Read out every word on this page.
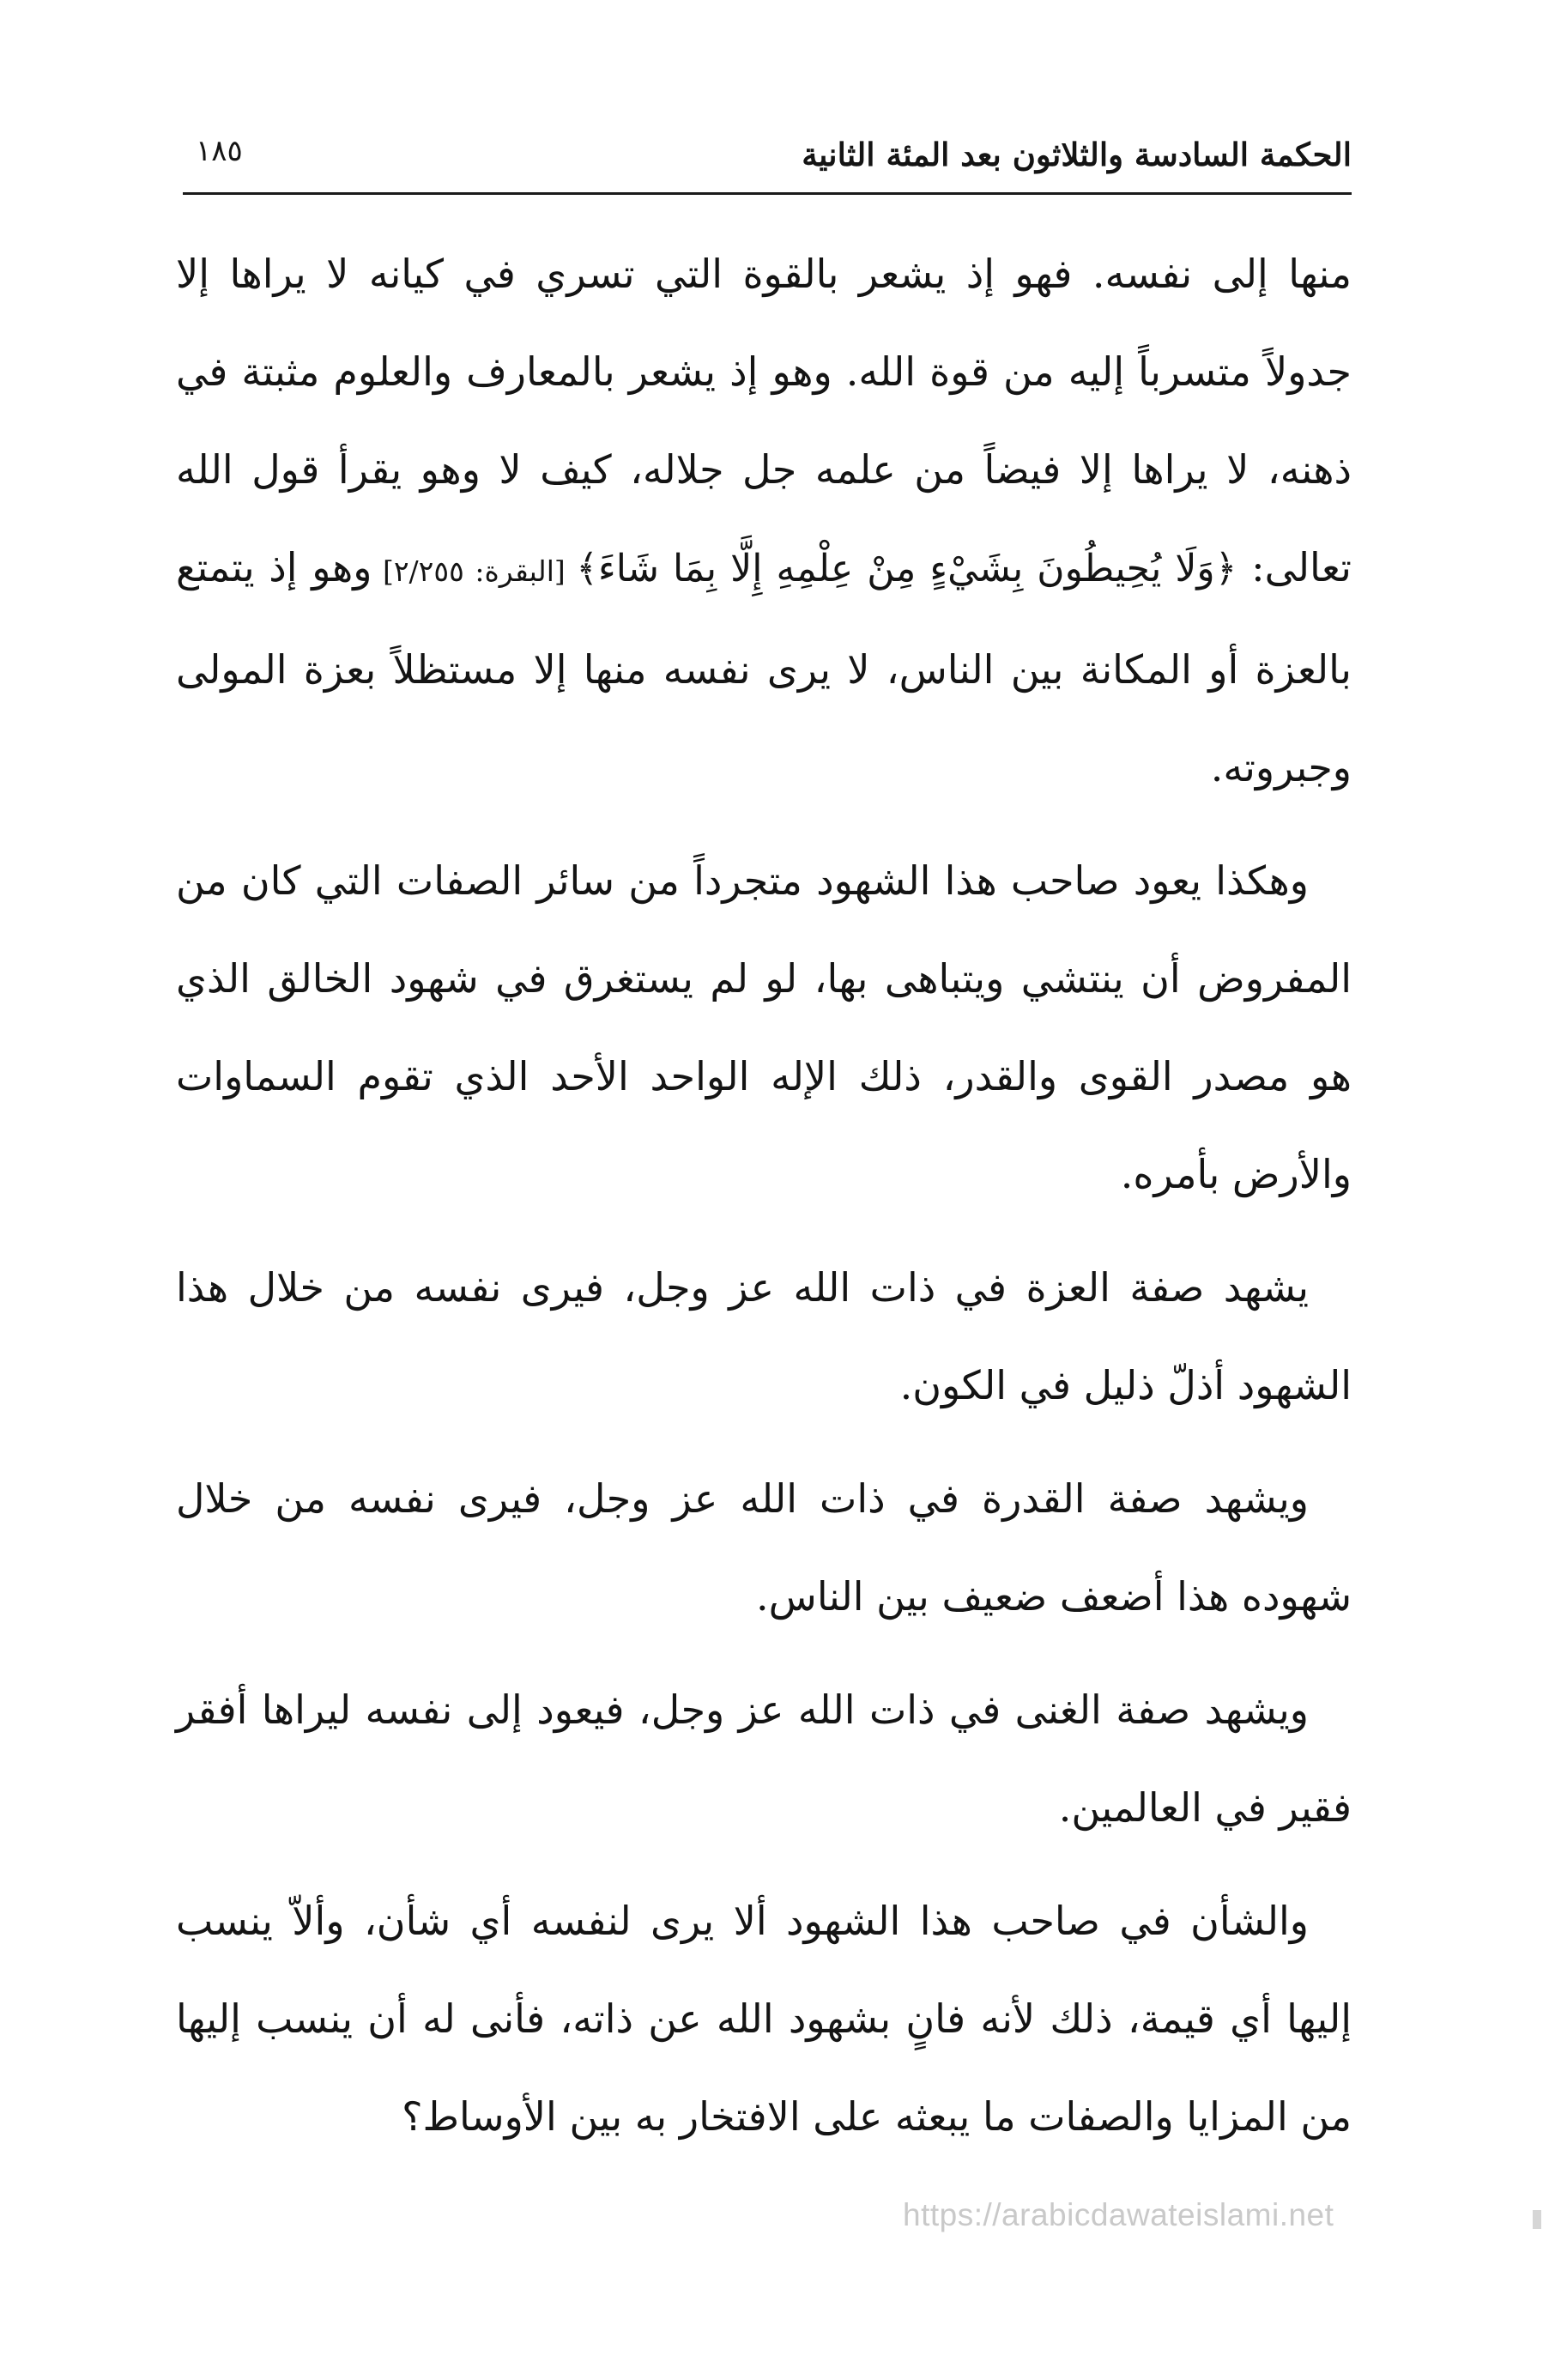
الحكمة السادسة والثلاثون بعد المئة الثانية
١٨٥

منها إلى نفسه. فهو إذ يشعر بالقوة التي تسري في كيانه لا يراها إلا جدولاً متسرباً إليه من قوة الله. وهو إذ يشعر بالمعارف والعلوم مثبتة في ذهنه، لا يراها إلا فيضاً من علمه جل جلاله، كيف لا وهو يقرأ قول الله تعالى: ﴿وَلَا يُحِيطُونَ بِشَيْءٍ مِنْ عِلْمِهِ إِلَّا بِمَا شَاءَ﴾ [البقرة: ٢/٢٥٥] وهو إذ يتمتع بالعزة أو المكانة بين الناس، لا يرى نفسه منها إلا مستظلاً بعزة المولى وجبروته.

وهكذا يعود صاحب هذا الشهود متجرداً من سائر الصفات التي كان من المفروض أن ينتشي ويتباهى بها، لو لم يستغرق في شهود الخالق الذي هو مصدر القوى والقدر، ذلك الإله الواحد الأحد الذي تقوم السماوات والأرض بأمره.

يشهد صفة العزة في ذات الله عز وجل، فيرى نفسه من خلال هذا الشهود أذلّ ذليل في الكون.

ويشهد صفة القدرة في ذات الله عز وجل، فيرى نفسه من خلال شهوده هذا أضعف ضعيف بين الناس.

ويشهد صفة الغنى في ذات الله عز وجل، فيعود إلى نفسه ليراها أفقر فقير في العالمين.

والشأن في صاحب هذا الشهود ألا يرى لنفسه أي شأن، وألاّ ينسب إليها أي قيمة، ذلك لأنه فانٍ بشهود الله عن ذاته، فأنى له أن ينسب إليها من المزايا والصفات ما يبعثه على الافتخار به بين الأوساط؟

https://arabicdawateislami.net
